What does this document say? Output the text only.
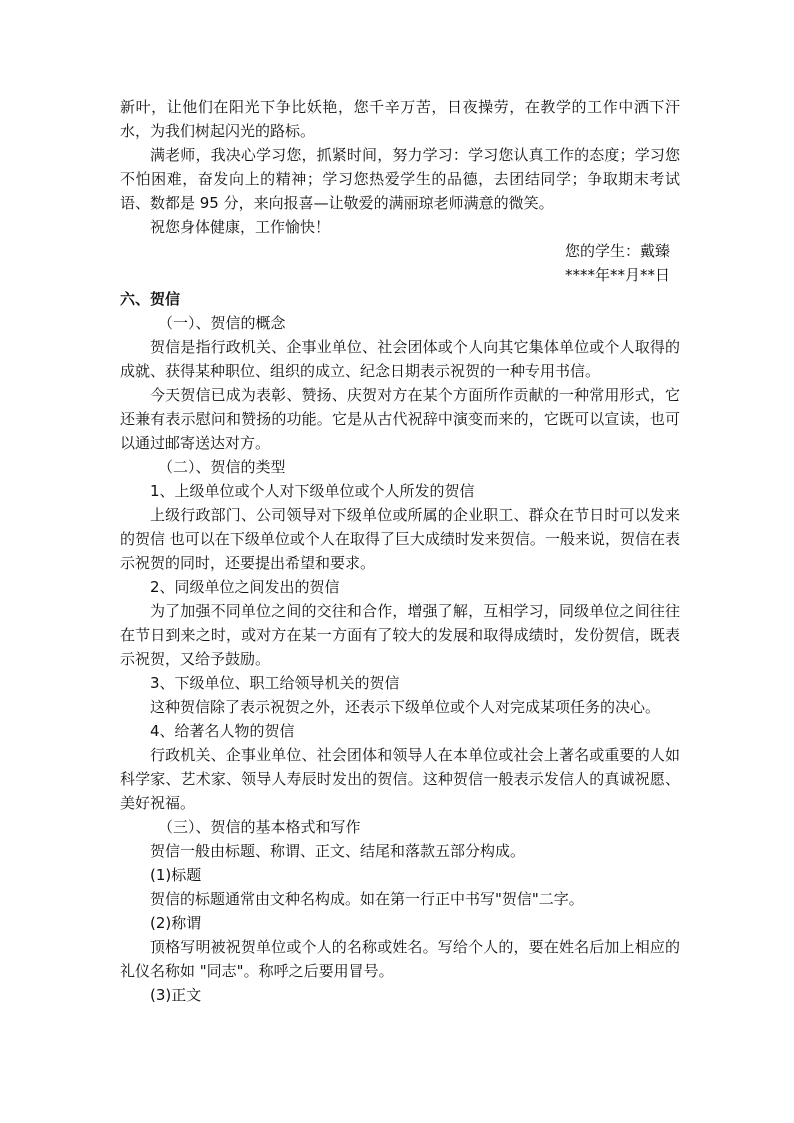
新叶，让他们在阳光下争比妖艳，您千辛万苦，日夜操劳，在教学的工作中洒下汗水，为我们树起闪光的路标。

满老师，我决心学习您，抓紧时间，努力学习：学习您认真工作的态度；学习您不怕困难，奋发向上的精神；学习您热爱学生的品德，去团结同学；争取期末考试语、数都是 95 分，来向报喜—让敬爱的满丽琼老师满意的微笑。

祝您身体健康，工作愉快！

您的学生：戴臻

****年**月**日

六、贺信

（一）、贺信的概念

贺信是指行政机关、企事业单位、社会团体或个人向其它集体单位或个人取得的成就、获得某种职位、组织的成立、纪念日期表示祝贺的一种专用书信。

今天贺信已成为表彰、赞扬、庆贺对方在某个方面所作贡献的一种常用形式，它还兼有表示慰问和赞扬的功能。它是从古代祝辞中演变而来的，它既可以宣读，也可以通过邮寄送达对方。

（二）、贺信的类型

1、上级单位或个人对下级单位或个人所发的贺信

上级行政部门、公司领导对下级单位或所属的企业职工、群众在节日时可以发来的贺信 也可以在下级单位或个人在取得了巨大成绩时发来贺信。一般来说，贺信在表示祝贺的同时，还要提出希望和要求。

2、同级单位之间发出的贺信

为了加强不同单位之间的交往和合作，增强了解，互相学习，同级单位之间往往在节日到来之时，或对方在某一方面有了较大的发展和取得成绩时，发份贺信，既表示祝贺，又给予鼓励。

3、下级单位、职工给领导机关的贺信

这种贺信除了表示祝贺之外，还表示下级单位或个人对完成某项任务的决心。

4、给著名人物的贺信

行政机关、企事业单位、社会团体和领导人在本单位或社会上著名或重要的人如科学家、艺术家、领导人寿辰时发出的贺信。这种贺信一般表示发信人的真诚祝愿、美好祝福。

（三）、贺信的基本格式和写作

贺信一般由标题、称谓、正文、结尾和落款五部分构成。

(1)标题

贺信的标题通常由文种名构成。如在第一行正中书写"贺信"二字。

(2)称谓

顶格写明被祝贺单位或个人的名称或姓名。写给个人的，要在姓名后加上相应的礼仪名称如 "同志"。称呼之后要用冒号。

(3)正文
